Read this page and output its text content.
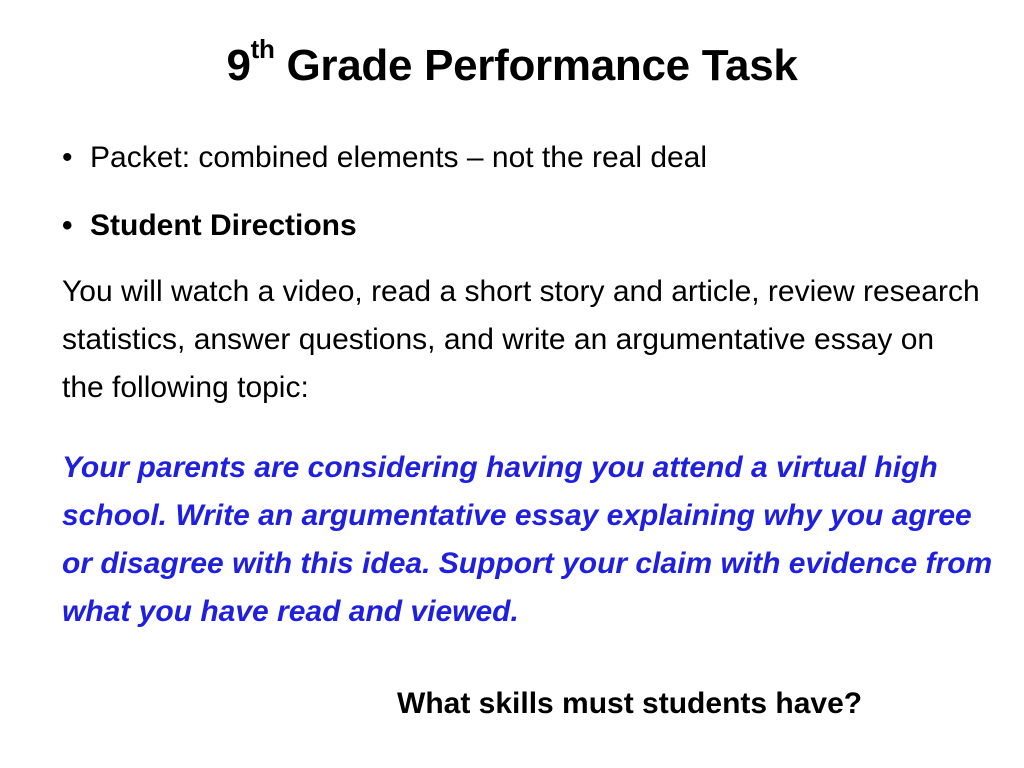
9th Grade Performance Task
• Packet: combined elements – not the real deal
• Student Directions
You will watch a video, read a short story and article, review research statistics, answer questions, and write an argumentative essay on the following topic:
Your parents are considering having you attend a virtual high school. Write an argumentative essay explaining why you agree or disagree with this idea. Support your claim with evidence from what you have read and viewed.
What skills must students have?
